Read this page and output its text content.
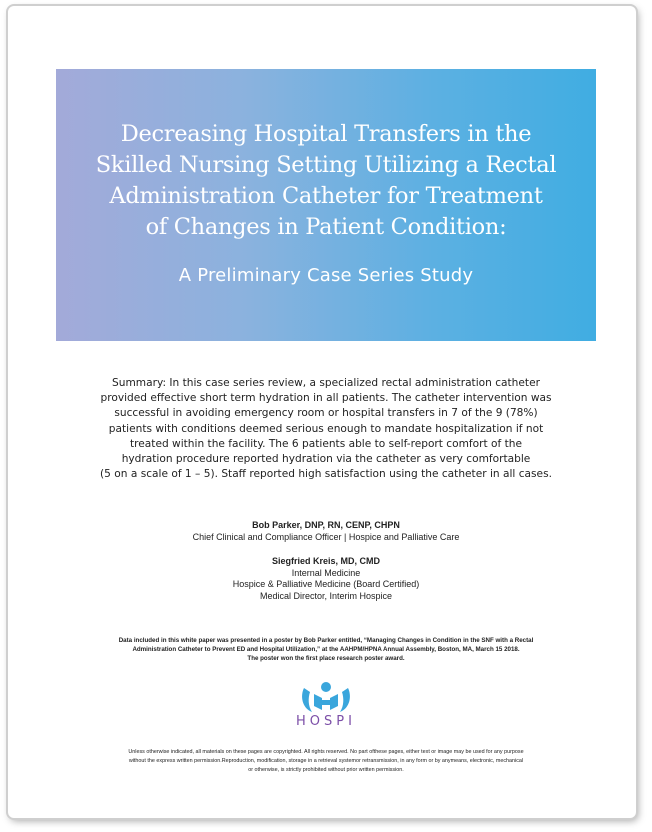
Decreasing Hospital Transfers in the
Skilled Nursing Setting Utilizing a Rectal
Administration Catheter for Treatment
of Changes in Patient Condition:
A Preliminary Case Series Study
Summary: In this case series review, a specialized rectal administration catheter
provided effective short term hydration in all patients. The catheter intervention was
successful in avoiding emergency room or hospital transfers in 7 of the 9 (78%)
patients with conditions deemed serious enough to mandate hospitalization if not
treated within the facility. The 6 patients able to self-report comfort of the
hydration procedure reported hydration via the catheter as very comfortable
(5 on a scale of 1 – 5). Staff reported high satisfaction using the catheter in all cases.
Bob Parker, DNP, RN, CENP, CHPN
Chief Clinical and Compliance Officer | Hospice and Palliative Care
Siegfried Kreis, MD, CMD
Internal Medicine
Hospice & Palliative Medicine (Board Certified)
Medical Director, Interim Hospice
Data included in this white paper was presented in a poster by Bob Parker entitled, “Managing Changes in Condition in the SNF with a Rectal
Administration Catheter to Prevent ED and Hospital Utilization,” at the AAHPM/HPNA Annual Assembly, Boston, MA, March 15 2018.
The poster won the first place research poster award.
HOSPI
Unless otherwise indicated, all materials on these pages are copyrighted. All rights reserved. No part ofthese pages, either text or image may be used for any purpose
without the express written permission.Reproduction, modification, storage in a retrieval systemor retransmission, in any form or by anymeans, electronic, mechanical
or otherwise, is strictly prohibited without prior written permission.
